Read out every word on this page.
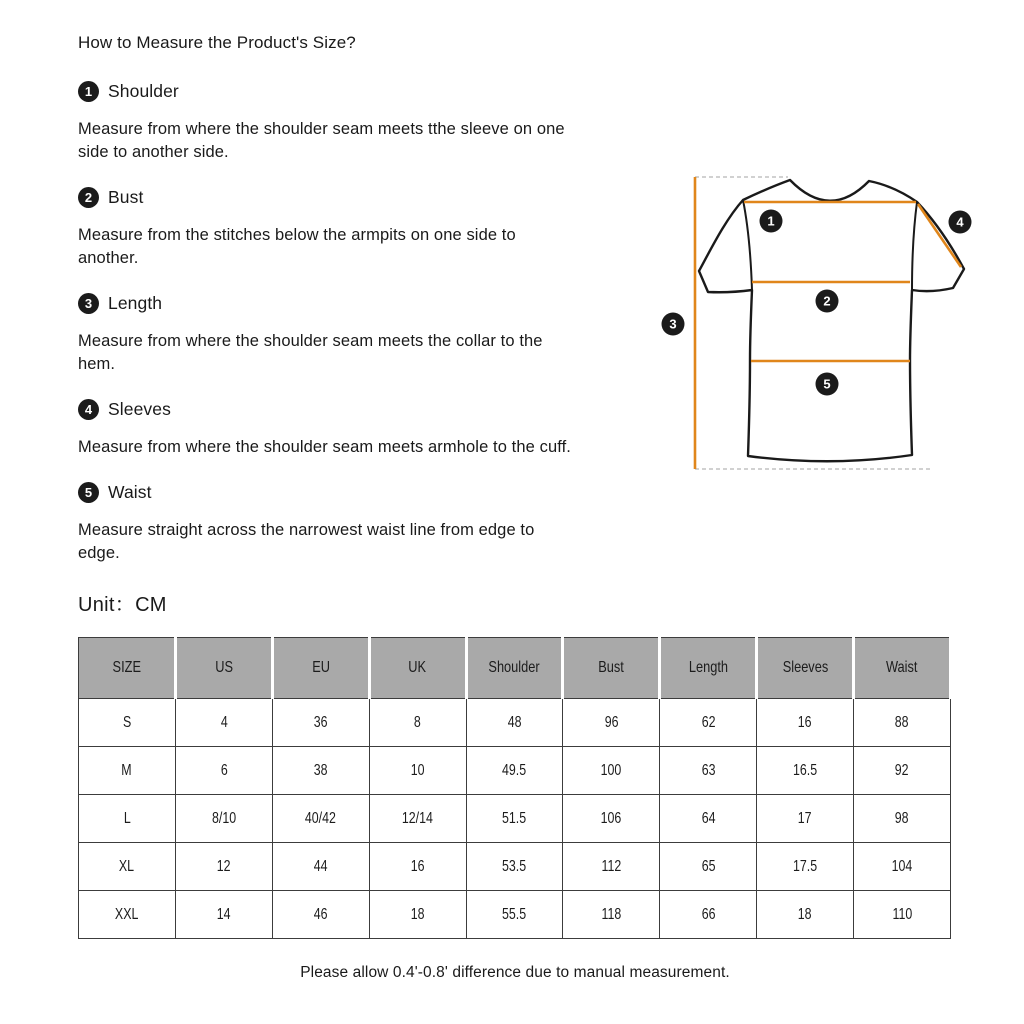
How to Measure the Product's Size?
1 Shoulder

Measure from where the shoulder seam meets tthe sleeve on one side to another side.

2 Bust

Measure from the stitches below the armpits on one side to another.

3 Length

Measure from where the shoulder seam meets the collar to the hem.

4 Sleeves

Measure from where the shoulder seam meets armhole to the cuff.

5 Waist

Measure straight across the narrowest waist line from edge to edge.

Unit：CM
SIZE	US	EU	UK	Shoulder	Bust	Length	Sleeves	Waist
S	4	36	8	48	96	62	16	88
M	6	38	10	49.5	100	63	16.5	92
L	8/10	40/42	12/14	51.5	106	64	17	98
XL	12	44	16	53.5	112	65	17.5	104
XXL	14	46	18	55.5	118	66	18	110
Please allow 0.4'-0.8' difference due to manual measurement.
1
2
3
4
5
